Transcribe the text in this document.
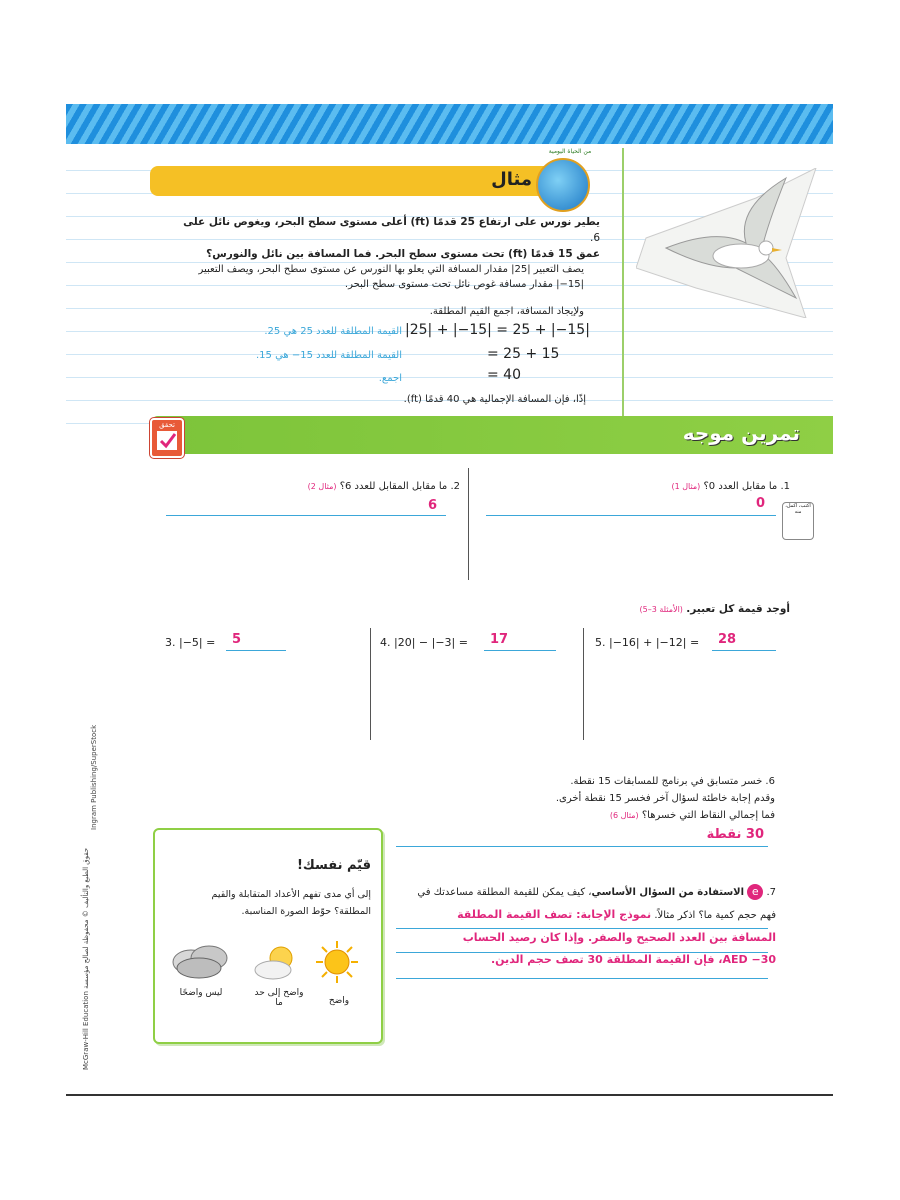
مثال
من الحياة اليومية
يطير نورس على ارتفاع 25 قدمًا (ft) أعلى مستوى سطح البحر، ويغوص نائل على 6.
عمق 15 قدمًا (ft) تحت مستوى سطح البحر. فما المسافة بين نائل والنورس؟
يصف التعبير |25| مقدار المسافة التي يعلو بها النورس عن مستوى سطح البحر، ويصف التعبير
|15−| مقدار مسافة غوص نائل تحت مستوى سطح البحر.
ولإيجاد المسافة، اجمع القيم المطلقة.
|25| + |−15| = 25 + |−15|
القيمة المطلقة للعدد 25 هي 25.
= 25 + 15
القيمة المطلقة للعدد 15− هي 15.
= 40
اجمع.
إذًا، فإن المسافة الإجمالية هي 40 قدمًا (ft).
تمرين موجه
تحقق
1. ما مقابل العدد 0؟ (مثال 1)
0	اكتب، اكمل، منه
2. ما مقابل المقابل للعدد 6؟ (مثال 2)
6
أوجد قيمة كل تعبير. (الأمثلة 3–5)
3. |−5| = 5	4. |20| − |−3| = 17	5. |−16| + |−12| = 28
6. خسر متسابق في برنامج للمسابقات 15 نقطة.
وقدم إجابة خاطئة لسؤال آخر فخسر 15 نقطة أخرى.
فما إجمالي النقاط التي خسرها؟ (مثال 6)
30 نقطة
7. e الاستفادة من السؤال الأساسي، كيف يمكن للقيمة المطلقة مساعدتك في
فهم حجم كمية ما؟ اذكر مثالاً. نموذج الإجابة: تصف القيمة المطلقة
المسافة بين العدد الصحيح والصفر. وإذا كان رصيد الحساب
30− AED، فإن القيمة المطلقة 30 تصف حجم الدين.
قيّم نفسك!
إلى أي مدى تفهم الأعداد المتقابلة والقيم
المطلقة؟ حوّط الصورة المناسبة.
واضح
واضح إلى حد ما
ليس واضحًا
McGraw-Hill Education حقوق الطبع والتأليف © محفوظة لصالح مؤسسة
Ingram Publishing/SuperStock
